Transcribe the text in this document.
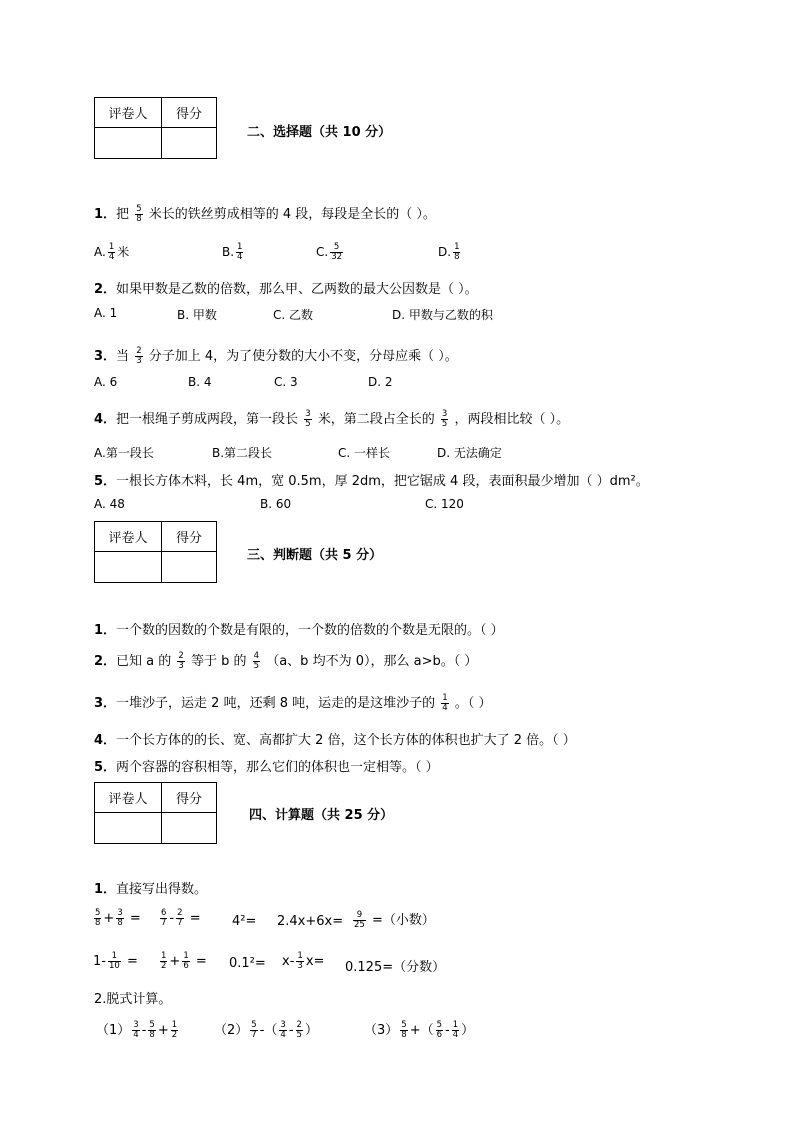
评卷人	得分

二、选择题（共 10 分）
1．把 $\frac{5}{8}$ 米长的铁丝剪成相等的 4 段，每段是全长的（ ）。
A. $\frac{1}{4}$ 米	B. $\frac{1}{4}$	C. $\frac{5}{32}$	D. $\frac{1}{8}$
2．如果甲数是乙数的倍数，那么甲、乙两数的最大公因数是（ ）。
A. 1	B. 甲数	C. 乙数	D. 甲数与乙数的积
3．当 $\frac{2}{3}$ 分子加上 4，为了使分数的大小不变，分母应乘（ ）。
A. 6	B. 4	C. 3	D. 2
4．把一根绳子剪成两段，第一段长 $\frac{3}{5}$ 米，第二段占全长的 $\frac{3}{5}$ ，两段相比较（ ）。
A.第一段长	B.第二段长	C. 一样长	D. 无法确定
5．一根长方体木料，长 4m，宽 0.5m，厚 2dm，把它锯成 4 段，表面积最少增加（ ）dm²。
A. 48	B. 60	C. 120
评卷人	得分

三、判断题（共 5 分）
1．一个数的因数的个数是有限的，一个数的倍数的个数是无限的。（ ）
2．已知 a 的 $\frac{2}{3}$ 等于 b 的 $\frac{4}{5} (a$、b 均不为 0），那么 a>b。（ ）
3．一堆沙子，运走 2 吨，还剩 8 吨，运走的是这堆沙子的 $\frac{1}{4}$ 。（ ）
4．一个长方体的的长、宽、高都扩大 2 倍，这个长方体的体积也扩大了 2 倍。（ ）
5．两个容器的容积相等，那么它们的体积也一定相等。（ ）
评卷人	得分

四、计算题（共 25 分）
1．直接写出得数。
$\frac{5}{8} + \frac{3}{8} = \frac{6}{7} - \frac{2}{7} = 4^2= 2.4x+6x= \frac{9}{25}$ =（小数）
$1- \frac{1}{10}$ =	$\frac{1}{2} + \frac{1}{6} = 0.1^2= x- \frac{1}{3} x= 0.125=$（分数）
2.脱式计算。
$(1) \frac{3}{4} - \frac{5}{8} + \frac{1}{2}$	$(2) \frac{5}{7}$ -（ $\frac{3}{4} - \frac{2}{5}$ ）	$(3) \frac{5}{8}$ +（ $\frac{5}{6} - \frac{1}{4}$ ）
